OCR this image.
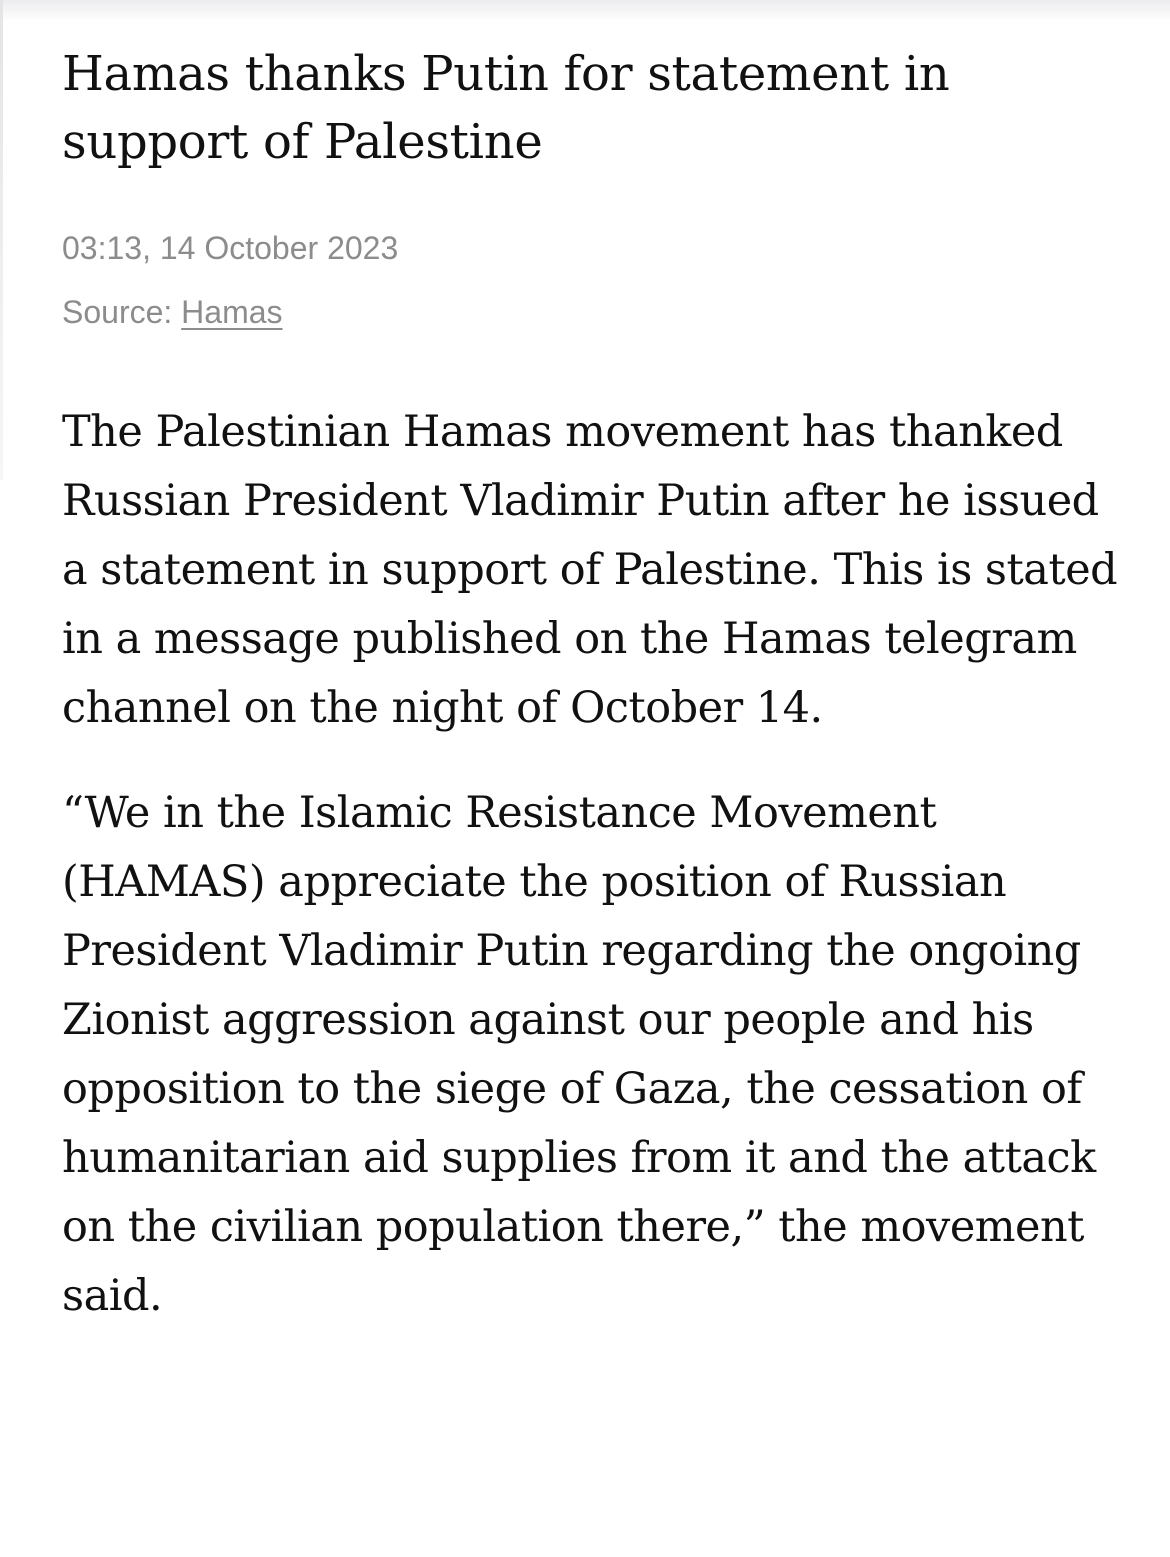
Hamas thanks Putin for statement in support of Palestine
03:13, 14 October 2023
Source: Hamas

The Palestinian Hamas movement has thanked Russian President Vladimir Putin after he issued a statement in support of Palestine. This is stated in a message published on the Hamas telegram channel on the night of October 14.

“We in the Islamic Resistance Movement (HAMAS) appreciate the position of Russian President Vladimir Putin regarding the ongoing Zionist aggression against our people and his opposition to the siege of Gaza, the cessation of humanitarian aid supplies from it and the attack on the civilian population there,” the movement said.
